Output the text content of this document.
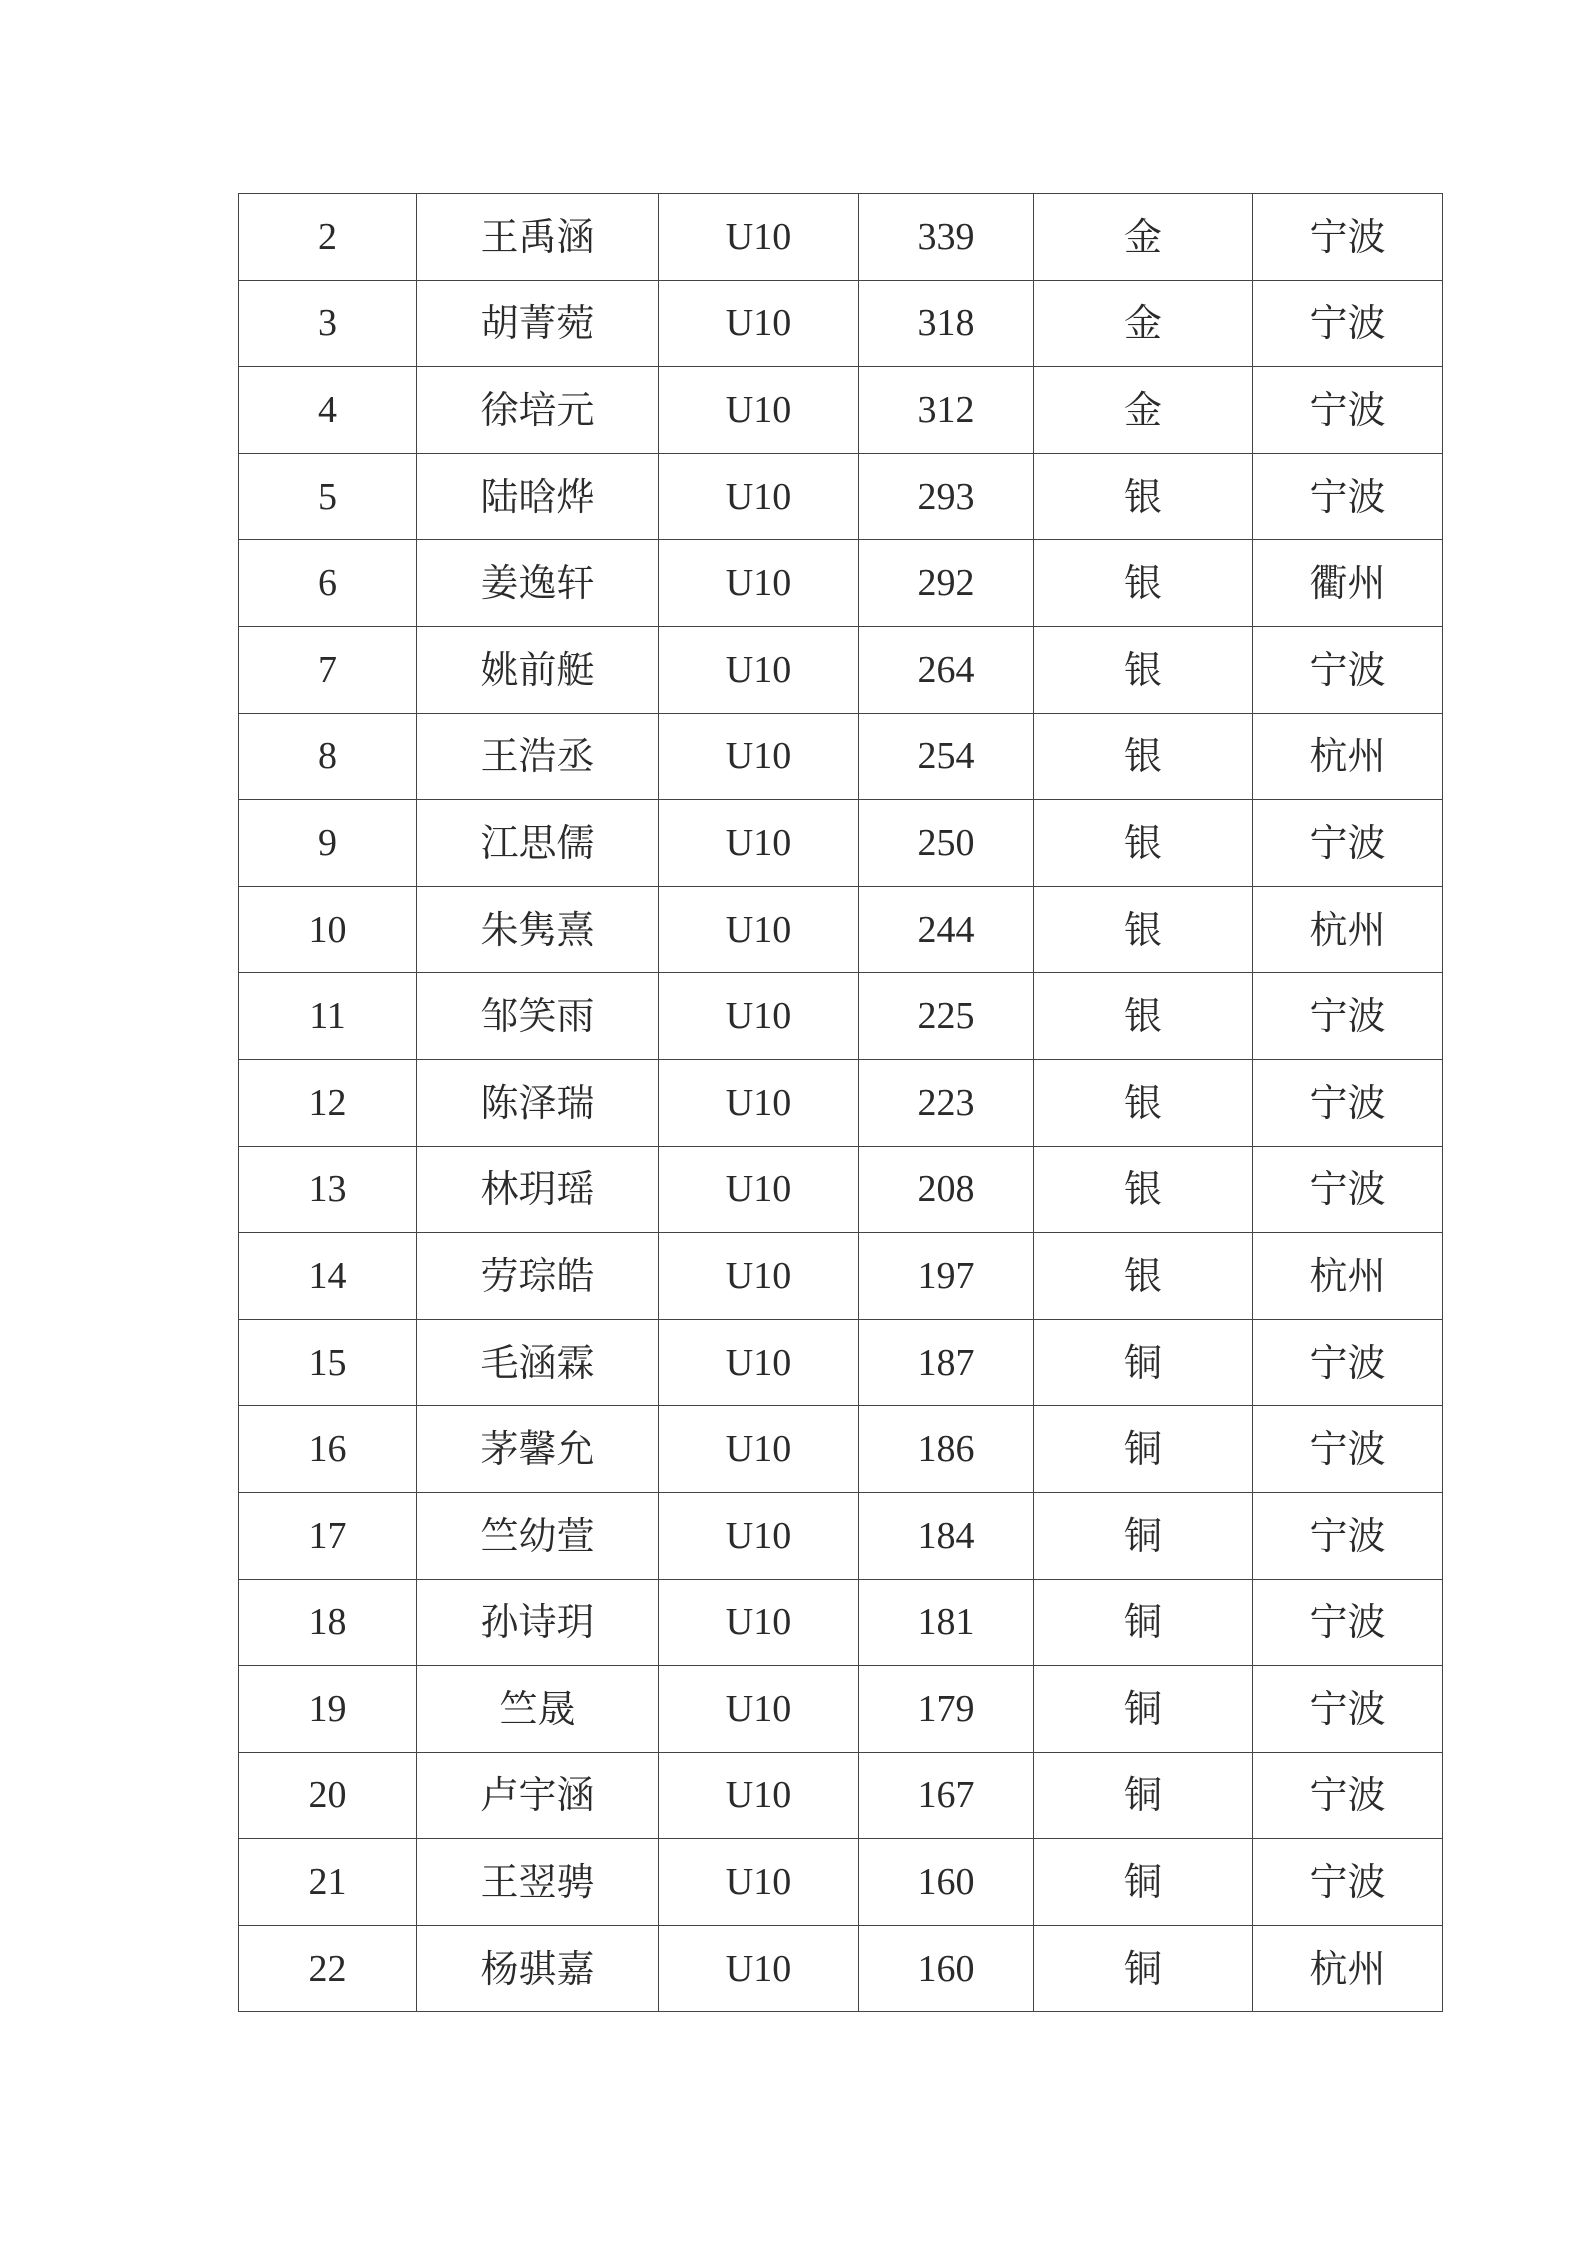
2	王禹涵	U10	339	金	宁波
3	胡菁菀	U10	318	金	宁波
4	徐培元	U10	312	金	宁波
5	陆晗烨	U10	293	银	宁波
6	姜逸轩	U10	292	银	衢州
7	姚前艇	U10	264	银	宁波
8	王浩丞	U10	254	银	杭州
9	江思儒	U10	250	银	宁波
10	朱隽熹	U10	244	银	杭州
11	邹笑雨	U10	225	银	宁波
12	陈泽瑞	U10	223	银	宁波
13	林玥瑶	U10	208	银	宁波
14	劳琮皓	U10	197	银	杭州
15	毛涵霖	U10	187	铜	宁波
16	茅馨允	U10	186	铜	宁波
17	竺幼萱	U10	184	铜	宁波
18	孙诗玥	U10	181	铜	宁波
19	竺晟	U10	179	铜	宁波
20	卢宇涵	U10	167	铜	宁波
21	王翌骋	U10	160	铜	宁波
22	杨骐嘉	U10	160	铜	杭州
